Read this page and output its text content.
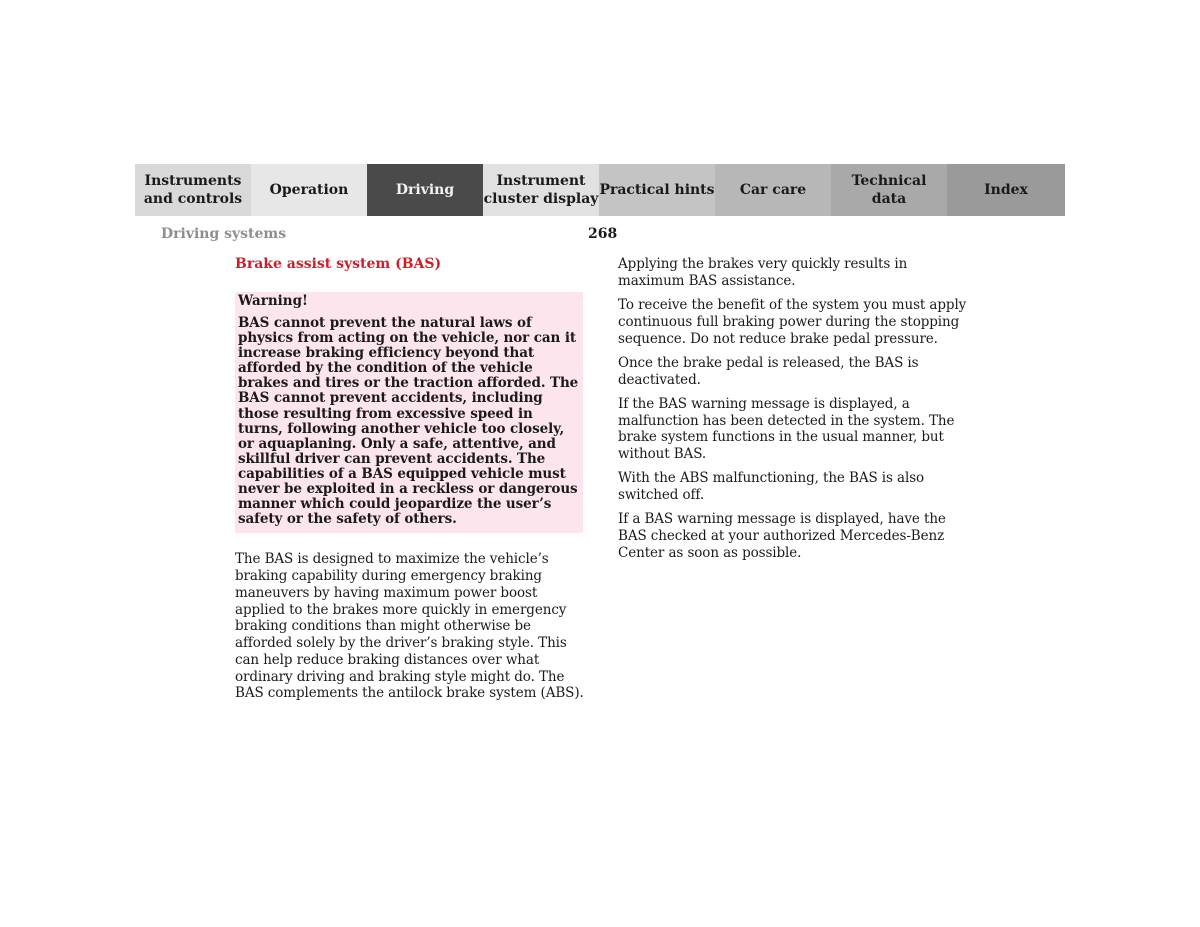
Instruments
and controls
Operation	Driving
Instrument
cluster display
Practical hints	Car care
Technical
data
Index
Driving systems	268
Brake assist system (BAS)

Warning!

BAS cannot prevent the natural laws of physics from acting on the vehicle, nor can it increase braking efficiency beyond that afforded by the condition of the vehicle brakes and tires or the traction afforded. The BAS cannot prevent accidents, including those resulting from excessive speed in turns, following another vehicle too closely, or aquaplaning. Only a safe, attentive, and skillful driver can prevent accidents. The capabilities of a BAS equipped vehicle must never be exploited in a reckless or dangerous manner which could jeopardize the user’s safety or the safety of others.

The BAS is designed to maximize the vehicle’s braking capability during emergency braking maneuvers by having maximum power boost applied to the brakes more quickly in emergency braking conditions than might otherwise be afforded solely by the driver’s braking style. This can help reduce braking distances over what ordinary driving and braking style might do. The BAS complements the antilock brake system (ABS).

Applying the brakes very quickly results in maximum BAS assistance.

To receive the benefit of the system you must apply continuous full braking power during the stopping sequence. Do not reduce brake pedal pressure.

Once the brake pedal is released, the BAS is deactivated.

If the BAS warning message is displayed, a malfunction has been detected in the system. The brake system functions in the usual manner, but without BAS.

With the ABS malfunctioning, the BAS is also switched off.

If a BAS warning message is displayed, have the BAS checked at your authorized Mercedes-Benz Center as soon as possible.
